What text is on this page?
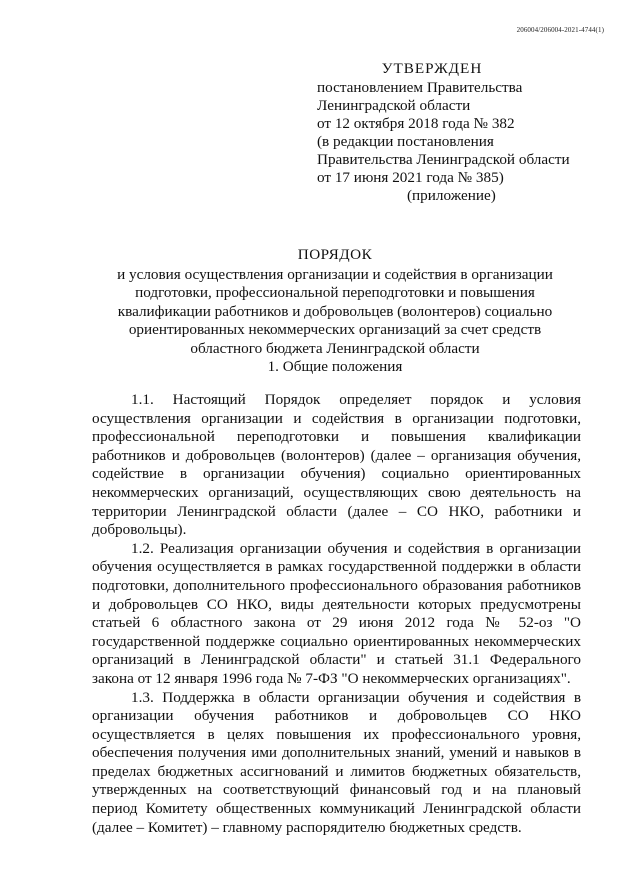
206004/206004-2021-4744(1)
УТВЕРЖДЕН
постановлением Правительства
Ленинградской области
от 12 октября 2018 года № 382
(в редакции постановления
Правительства Ленинградской области
от 17 июня 2021 года № 385)
(приложение)
ПОРЯДОК
и условия осуществления организации и содействия в организации
подготовки, профессиональной переподготовки и повышения
квалификации работников и добровольцев (волонтеров) социально
ориентированных некоммерческих организаций за счет средств
областного бюджета Ленинградской области
1. Общие положения

1.1. Настоящий Порядок определяет порядок и условия осуществления организации и содействия в организации подготовки, профессиональной переподготовки и повышения квалификации работников и добровольцев (волонтеров) (далее – организация обучения, содействие в организации обучения) социально ориентированных некоммерческих организаций, осуществляющих свою деятельность на территории Ленинградской области (далее – СО НКО, работники и добровольцы).

1.2. Реализация организации обучения и содействия в организации обучения осуществляется в рамках государственной поддержки в области подготовки, дополнительного профессионального образования работников и добровольцев СО НКО, виды деятельности которых предусмотрены статьей 6 областного закона от 29 июня 2012 года № 52-оз "О государственной поддержке социально ориентированных некоммерческих организаций в Ленинградской области" и статьей 31.1 Федерального закона от 12 января 1996 года № 7-ФЗ "О некоммерческих организациях".

1.3. Поддержка в области организации обучения и содействия в организации обучения работников и добровольцев СО НКО осуществляется в целях повышения их профессионального уровня, обеспечения получения ими дополнительных знаний, умений и навыков в пределах бюджетных ассигнований и лимитов бюджетных обязательств, утвержденных на соответствующий финансовый год и на плановый период Комитету общественных коммуникаций Ленинградской области (далее – Комитет) – главному распорядителю бюджетных средств.
